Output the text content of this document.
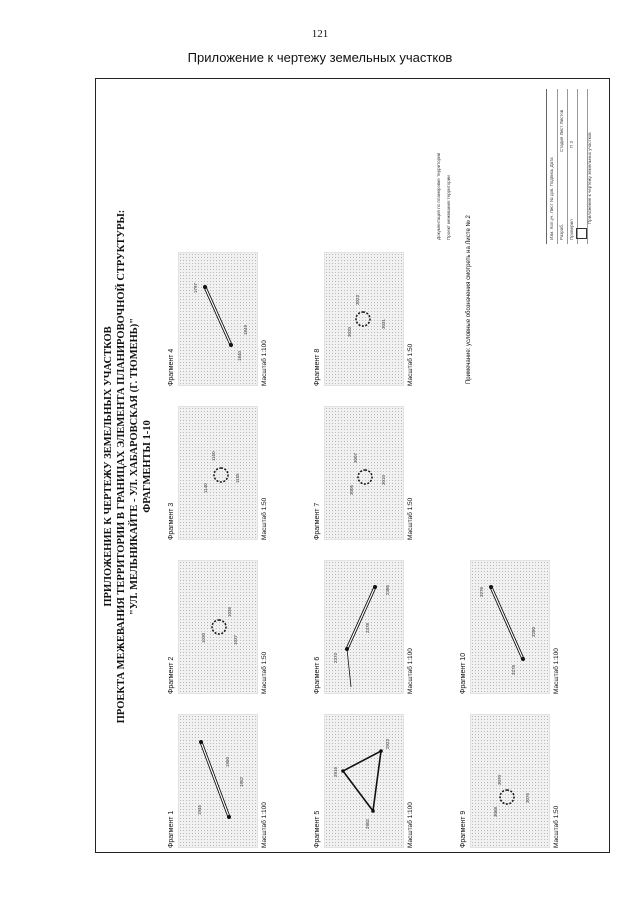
121
Приложение к чертежу земельных участков
ПРИЛОЖЕНИЕ К ЧЕРТЕЖУ ЗЕМЕЛЬНЫХ УЧАСТКОВ ПРОЕКТА МЕЖЕВАНИЯ ТЕРРИТОРИИ В ГРАНИЦАХ ЭЛЕМЕНТА ПЛАНИРОВОЧНОЙ СТРУКТУРЫ: "УЛ. МЕЛЬНИКАЙТЕ - УЛ. ХАБАРОВСКАЯ (Г. ТЮМЕНЬ)" ФРАГМЕНТЫ 1-10
Фрагмент 1
1945
1950
1952
Масштаб 1:100
Фрагмент 2
1030
1036
1037
Масштаб 1:50
Фрагмент 3
1140
1150
1155
Масштаб 1:50
Фрагмент 4
1797
1840
1849
Масштаб 1:100
Фрагмент 5	2902
2916
2923
Масштаб 1:100
Фрагмент 6	2373
2378
2386
Масштаб 1:100
Фрагмент 7
3005
3007
3010
Масштаб 1:50
Фрагмент 8
3020
3023
3031
Масштаб 1:50
Фрагмент 9	3068
3070
3076
Масштаб 1:50
Фрагмент 10
3276
3278
3280
Масштаб 1:100
Примечание: условные обозначения смотреть на Листе № 2
Документация по планировке территории Проект межевания территории	Изм. Кол.уч. Лист № док. Подпись Дата Разраб. Проверил
Стадия Лист Листов П 3	Приложение к чертежу земельных участков
